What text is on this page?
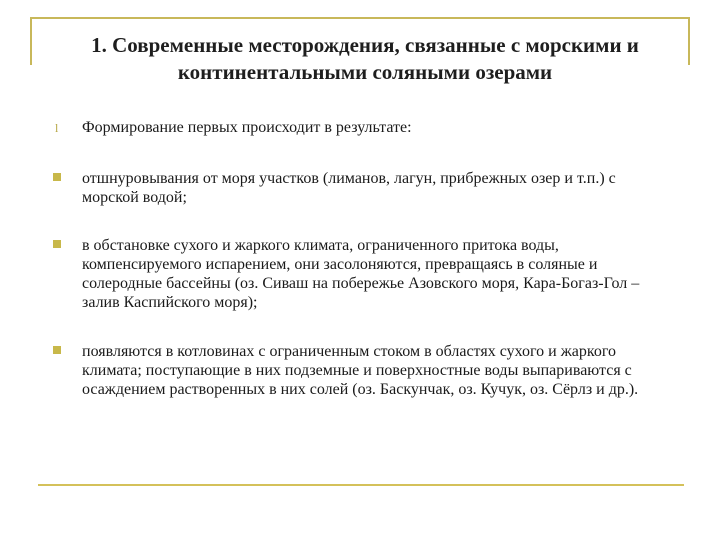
1. Современные месторождения, связанные с морскими и континентальными соляными озерами
l Формирование первых происходит в результате:
отшнуровывания от моря участков (лиманов, лагун, прибрежных озер и т.п.) с морской водой;
в обстановке сухого и жаркого климата, ограниченного притока воды, компенсируемого испарением, они засолоняются, превращаясь в соляные и солеродные бассейны (оз. Сиваш на побережье Азовского моря, Кара-Богаз-Гол – залив Каспийского моря);
появляются в котловинах с ограниченным стоком в областях сухого и жаркого климата; поступающие в них подземные и поверхностные воды выпариваются с осаждением растворенных в них солей (оз. Баскунчак, оз. Кучук, оз. Сёрлз и др.).
